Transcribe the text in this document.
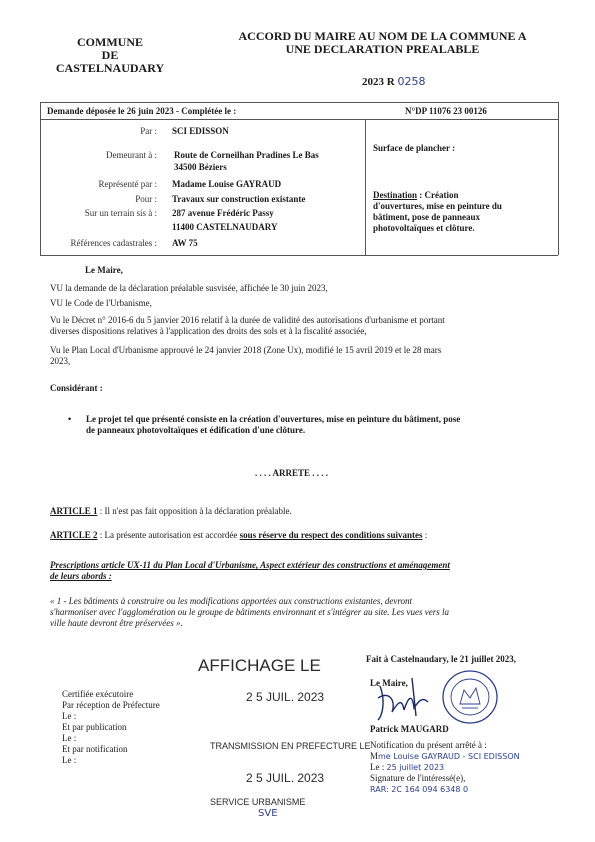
COMMUNE
DE
CASTELNAUDARY
ACCORD DU MAIRE AU NOM DE LA COMMUNE A
UNE DECLARATION PREALABLE
2023 R 0258
Demande déposée le 26 juin 2023 - Complétée le :	N°DP 11076 23 00126
Par : SCI EDISSON
Demeurant à : Route de Corneilhan Pradines Le Bas
34500 Béziers
Représenté par : Madame Louise GAYRAUD
Pour : Travaux sur construction existante
Sur un terrain sis à : 287 avenue Frédéric Passy
11400 CASTELNAUDARY
Références cadastrales : AW 75
Surface de plancher :
Destination : Création
d'ouvertures, mise en peinture du
bâtiment, pose de panneaux
photovoltaïques et clôture.
Le Maire,
VU la demande de la déclaration préalable susvisée, affichée le 30 juin 2023,
VU le Code de l'Urbanisme,
Vu le Décret n° 2016-6 du 5 janvier 2016 relatif à la durée de validité des autorisations d'urbanisme et portant
diverses dispositions relatives à l'application des droits des sols et à la fiscalité associée,
Vu le Plan Local d'Urbanisme approuvé le 24 janvier 2018 (Zone Ux), modifié le 15 avril 2019 et le 28 mars
2023,
Considérant :
• Le projet tel que présenté consiste en la création d'ouvertures, mise en peinture du bâtiment, pose
de panneaux photovoltaïques et édification d'une clôture.
. . . . ARRETE . . . .
ARTICLE 1 : Il n'est pas fait opposition à la déclaration préalable.
ARTICLE 2 : La présente autorisation est accordée sous réserve du respect des conditions suivantes :
Prescriptions article UX-11 du Plan Local d'Urbanisme, Aspect extérieur des constructions et aménagement
de leurs abords :
« 1 - Les bâtiments à construire ou les modifications apportées aux constructions existantes, devront
s'harmoniser avec l'agglomération ou le groupe de bâtiments environnant et s'intégrer au site. Les vues vers la
ville haute devront être préservées ».
AFFICHAGE LE
2 5 JUIL. 2023
Fait à Castelnaudary, le 21 juillet 2023,
Le Maire,
Patrick MAUGARD
Certifiée exécutoire
Par réception de Préfecture
Le :
Et par publication
Le :
Et par notification
Le :
TRANSMISSION EN PREFECTURE LE
2 5 JUIL. 2023
SERVICE URBANISME
SVE
Notification du présent arrêté à :
Mme Louise GAYRAUD - SCI EDISSON
Le : 25 juillet 2023
Signature de l'intéressé(e),
RAR: 2C 164 094 6348 0
